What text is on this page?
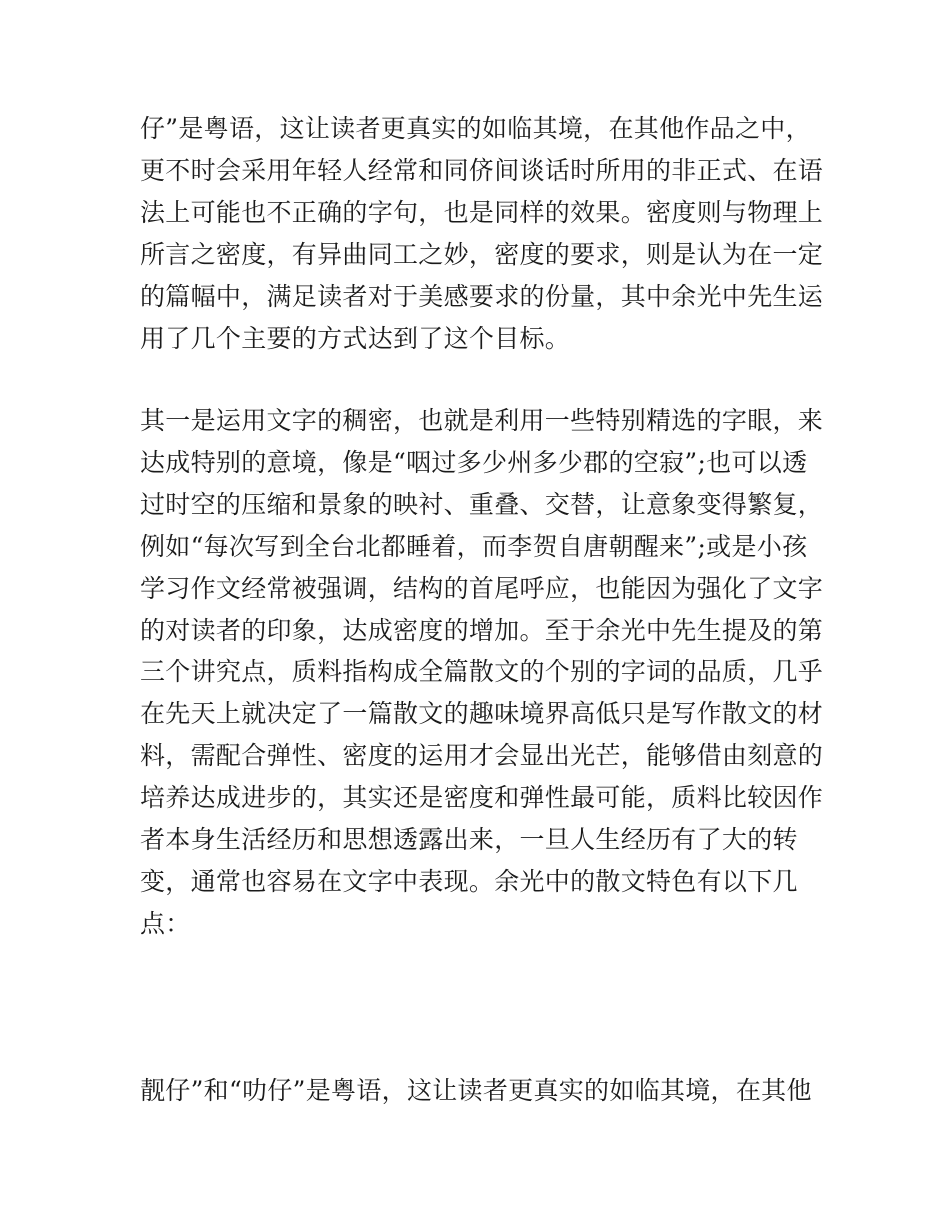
仔”是粤语，这让读者更真实的如临其境，在其他作品之中，
更不时会采用年轻人经常和同侪间谈话时所用的非正式、在语
法上可能也不正确的字句，也是同样的效果。密度则与物理上
所言之密度，有异曲同工之妙，密度的要求，则是认为在一定
的篇幅中，满足读者对于美感要求的份量，其中余光中先生运
用了几个主要的方式达到了这个目标。
其一是运用文字的稠密，也就是利用一些特别精选的字眼，来
达成特别的意境，像是“咽过多少州多少郡的空寂”;也可以透
过时空的压缩和景象的映衬、重叠、交替，让意象变得繁复，
例如“每次写到全台北都睡着，而李贺自唐朝醒来”;或是小孩
学习作文经常被强调，结构的首尾呼应，也能因为强化了文字
的对读者的印象，达成密度的增加。至于余光中先生提及的第
三个讲究点，质料指构成全篇散文的个别的字词的品质，几乎
在先天上就决定了一篇散文的趣味境界高低只是写作散文的材
料，需配合弹性、密度的运用才会显出光芒，能够借由刻意的
培养达成进步的，其实还是密度和弹性最可能，质料比较因作
者本身生活经历和思想透露出来，一旦人生经历有了大的转
变，通常也容易在文字中表现。余光中的散文特色有以下几
点：
靓仔”和“叻仔”是粤语，这让读者更真实的如临其境，在其他
